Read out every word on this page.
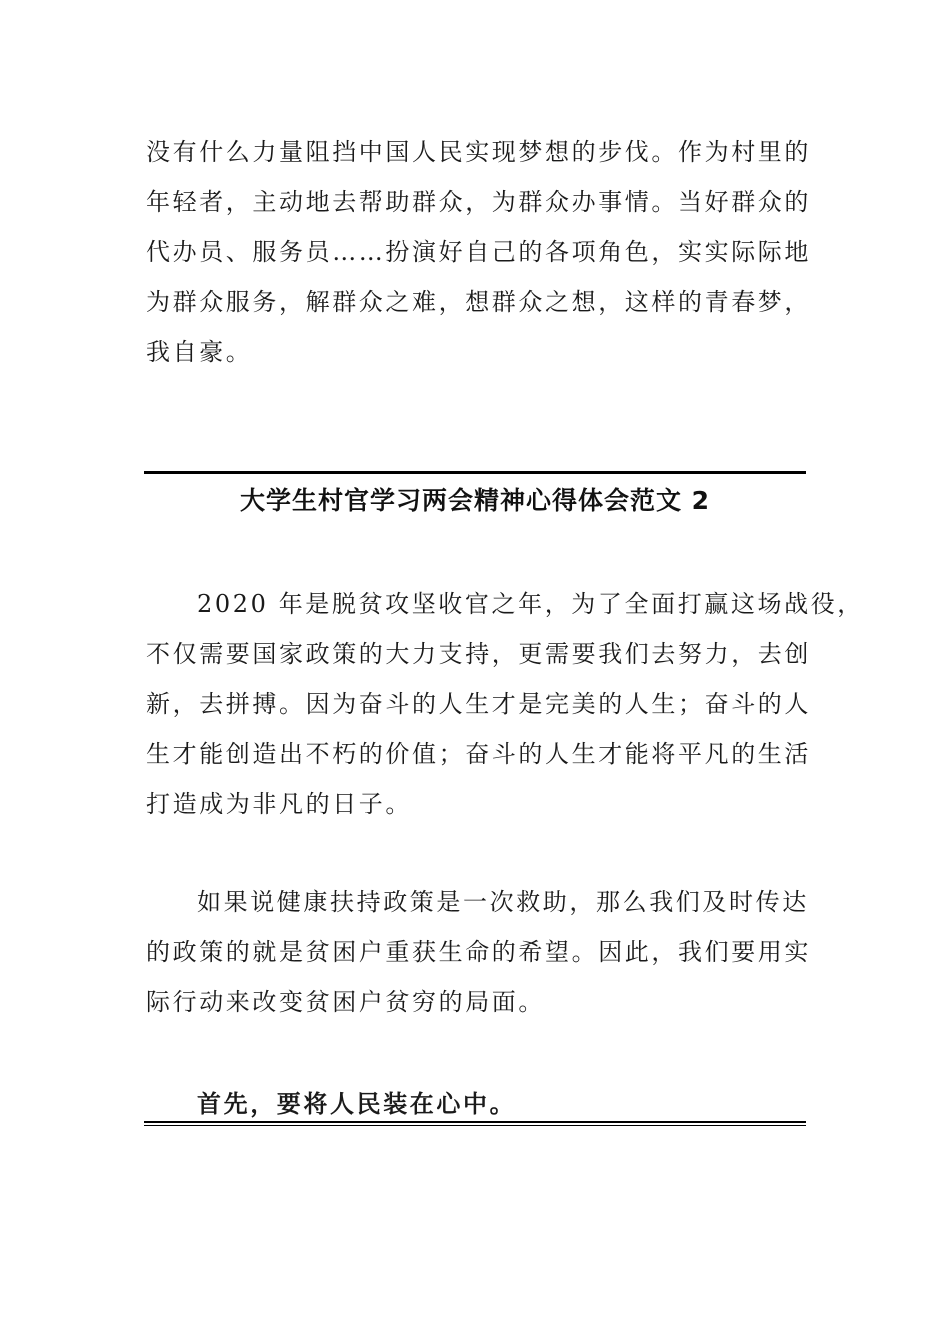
没有什么力量阻挡中国人民实现梦想的步伐。作为村里的

年轻者，主动地去帮助群众，为群众办事情。当好群众的

代办员、服务员……扮演好自己的各项角色，实实际际地

为群众服务，解群众之难，想群众之想，这样的青春梦，

我自豪。

大学生村官学习两会精神心得体会范文 2

2020 年是脱贫攻坚收官之年，为了全面打赢这场战役，

不仅需要国家政策的大力支持，更需要我们去努力，去创

新，去拼搏。因为奋斗的人生才是完美的人生；奋斗的人

生才能创造出不朽的价值；奋斗的人生才能将平凡的生活

打造成为非凡的日子。

如果说健康扶持政策是一次救助，那么我们及时传达

的政策的就是贫困户重获生命的希望。因此，我们要用实

际行动来改变贫困户贫穷的局面。

首先，要将人民装在心中。
